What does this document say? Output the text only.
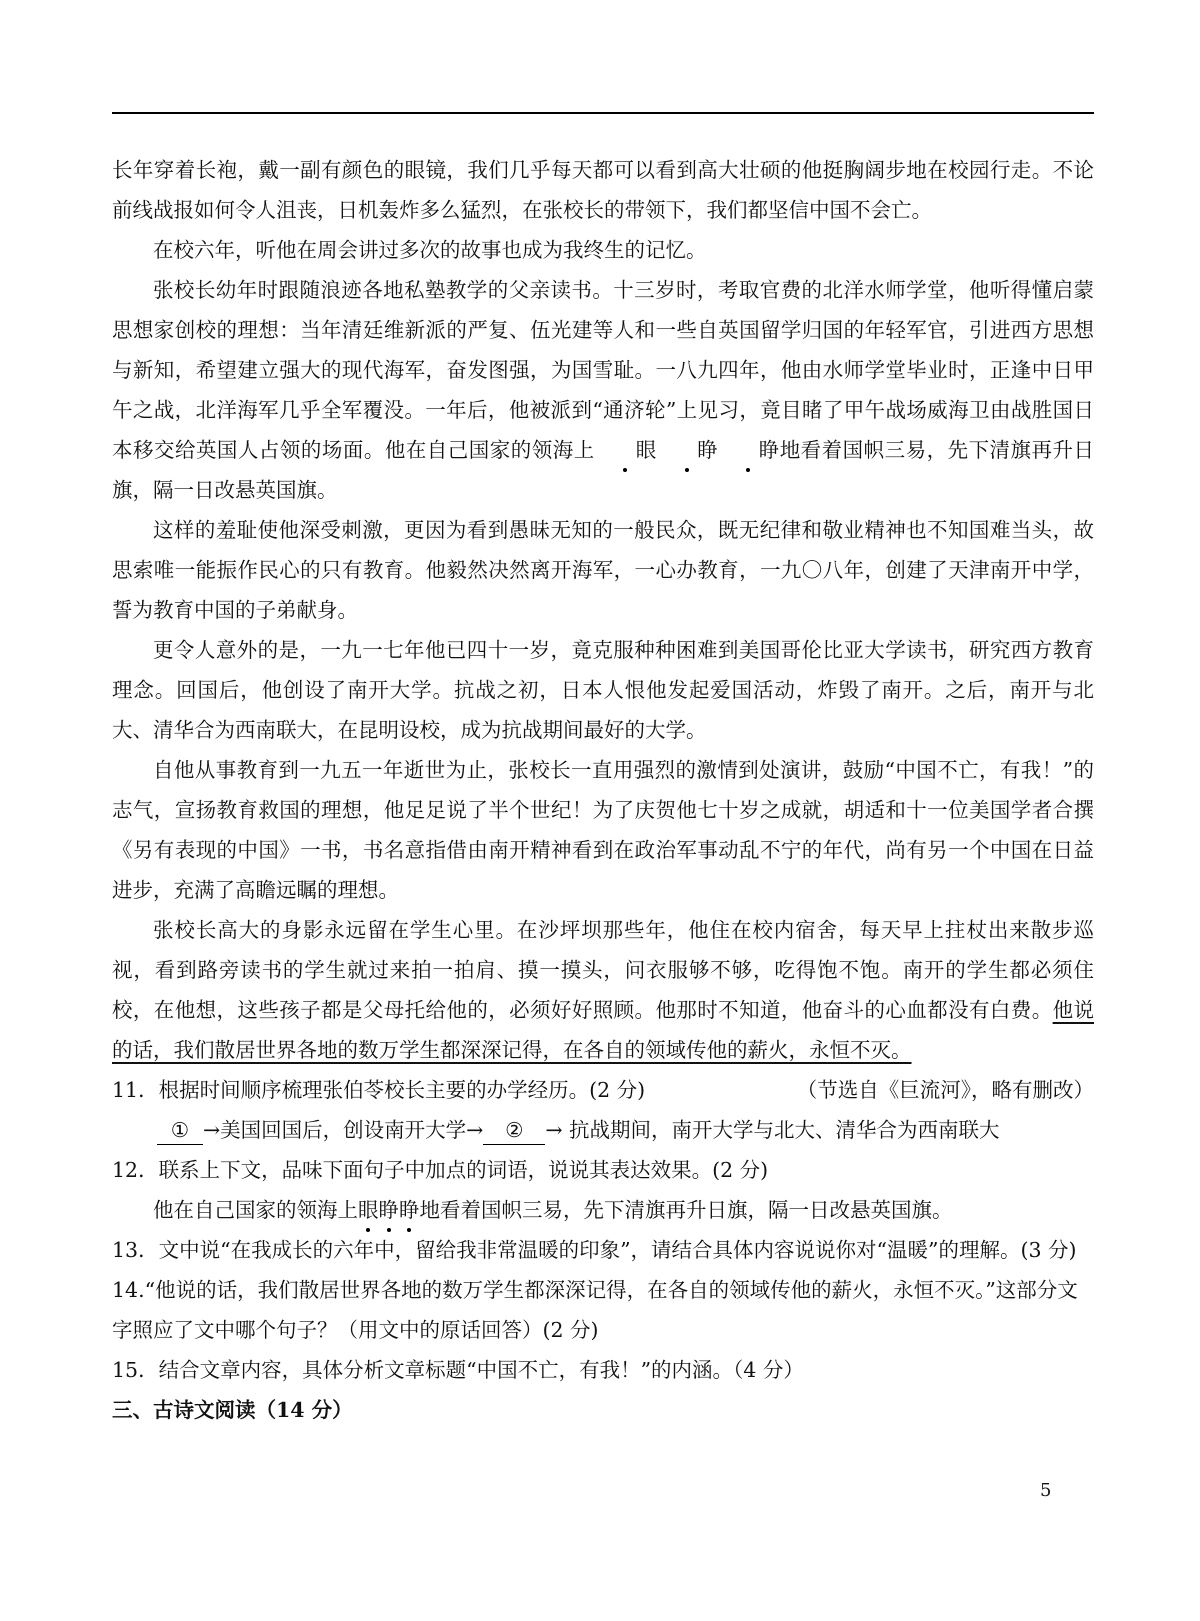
长年穿着长袍，戴一副有颜色的眼镜，我们几乎每天都可以看到高大壮硕的他挺胸阔步地在校园行走。不论前线战报如何令人沮丧，日机轰炸多么猛烈，在张校长的带领下，我们都坚信中国不会亡。

在校六年，听他在周会讲过多次的故事也成为我终生的记忆。

张校长幼年时跟随浪迹各地私塾教学的父亲读书。十三岁时，考取官费的北洋水师学堂，他听得懂启蒙思想家创校的理想：当年清廷维新派的严复、伍光建等人和一些自英国留学归国的年轻军官，引进西方思想与新知，希望建立强大的现代海军，奋发图强，为国雪耻。一八九四年，他由水师学堂毕业时，正逢中日甲午之战，北洋海军几乎全军覆没。一年后，他被派到“通济轮”上见习，竟目睹了甲午战场威海卫由战胜国日本移交给英国人占领的场面。他在自己国家的领海上 眼 睁 睁地看着国帜三易，先下清旗再升日旗，隔一日改悬英国旗。

这样的羞耻使他深受刺激，更因为看到愚昧无知的一般民众，既无纪律和敬业精神也不知国难当头，故思索唯一能振作民心的只有教育。他毅然决然离开海军，一心办教育，一九〇八年，创建了天津南开中学，誓为教育中国的子弟献身。

更令人意外的是，一九一七年他已四十一岁，竟克服种种困难到美国哥伦比亚大学读书，研究西方教育理念。回国后，他创设了南开大学。抗战之初，日本人恨他发起爱国活动，炸毁了南开。之后，南开与北大、清华合为西南联大，在昆明设校，成为抗战期间最好的大学。

自他从事教育到一九五一年逝世为止，张校长一直用强烈的激情到处演讲，鼓励“中国不亡，有我！”的志气，宣扬教育救国的理想，他足足说了半个世纪！为了庆贺他七十岁之成就，胡适和十一位美国学者合撰《另有表现的中国》一书，书名意指借由南开精神看到在政治军事动乱不宁的年代，尚有另一个中国在日益进步，充满了高瞻远瞩的理想。

张校长高大的身影永远留在学生心里。在沙坪坝那些年，他住在校内宿舍，每天早上拄杖出来散步巡视，看到路旁读书的学生就过来拍一拍肩、摸一摸头，问衣服够不够，吃得饱不饱。南开的学生都必须住校，在他想，这些孩子都是父母托给他的，必须好好照顾。他那时不知道，他奋斗的心血都没有白费。他说的话，我们散居世界各地的数万学生都深深记得，在各自的领域传他的薪火，永恒不灭。
（节选自《巨流河》，略有删改）

11．根据时间顺序梳理张伯苓校长主要的办学经历。(2 分)

① →美国回国后，创设南开大学→ ② → 抗战期间，南开大学与北大、清华合为西南联大

12．联系上下文，品味下面句子中加点的词语，说说其表达效果。(2 分)

他在自己国家的领海上眼睁睁地看着国帜三易，先下清旗再升日旗，隔一日改悬英国旗。

13．文中说“在我成长的六年中，留给我非常温暖的印象”，请结合具体内容说说你对“温暖”的理解。(3 分)

14.“他说的话，我们散居世界各地的数万学生都深深记得，在各自的领域传他的薪火，永恒不灭。”这部分文字照应了文中哪个句子？（用文中的原话回答）(2 分)

15．结合文章内容，具体分析文章标题“中国不亡，有我！”的内涵。（4 分）

三、古诗文阅读（14 分）

5
